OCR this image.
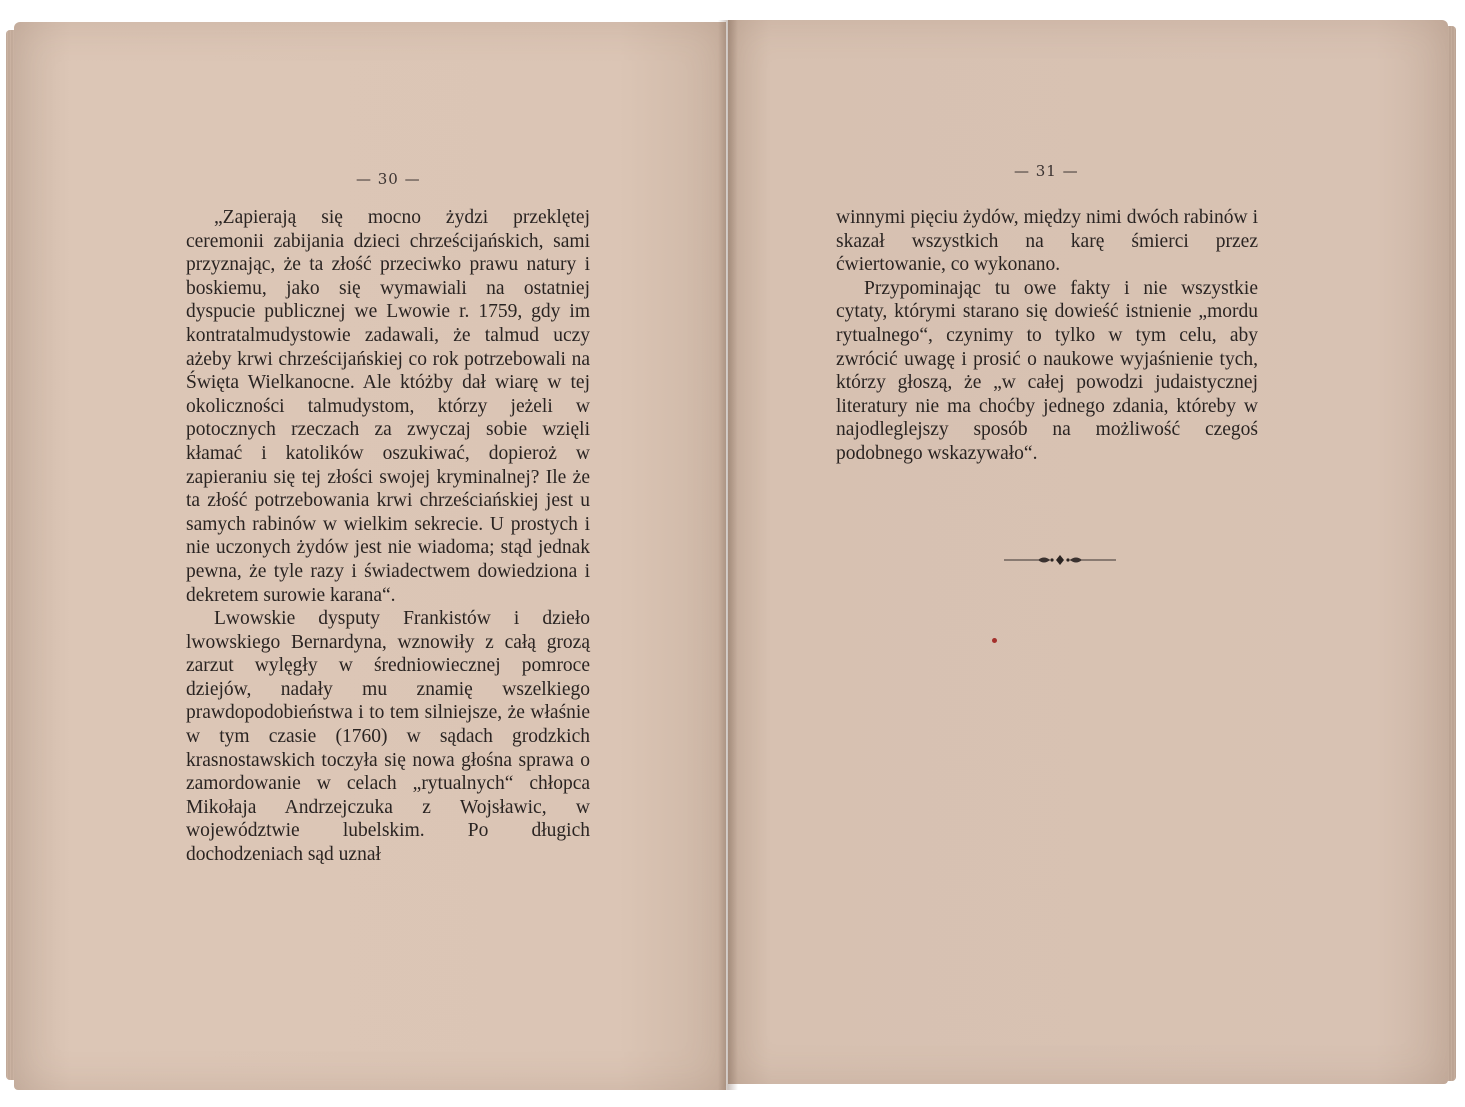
— 30 —

„Zapierają się mocno żydzi przeklętej ceremonii zabijania dzieci chrześcijańskich, sami przyznając, że ta złość przeciwko prawu natury i boskiemu, jako się wymawiali na ostatniej dyspucie publicznej we Lwowie r. 1759, gdy im kontratalmudystowie zadawali, że talmud uczy ażeby krwi chrześcijańskiej co rok potrzebowali na Święta Wielkanocne. Ale któżby dał wiarę w tej okoliczności talmudystom, którzy jeżeli w potocznych rzeczach za zwyczaj sobie wzięli kłamać i katolików oszukiwać, dopieroż w zapieraniu się tej złości swojej kryminalnej? Ile że ta złość potrzebowania krwi chrześciańskiej jest u samych rabinów w wielkim sekrecie. U prostych i nie uczonych żydów jest nie wiadoma; stąd jednak pewna, że tyle razy i świadectwem dowiedziona i dekretem surowie karana“.

Lwowskie dysputy Frankistów i dzieło lwowskiego Bernardyna, wznowiły z całą grozą zarzut wylęgły w średniowiecznej pomroce dziejów, nadały mu znamię wszelkiego prawdopodobieństwa i to tem silniejsze, że właśnie w tym czasie (1760) w sądach grodzkich krasnostawskich toczyła się nowa głośna sprawa o zamordowanie w celach „rytualnych“ chłopca Mikołaja Andrzejczuka z Wojsławic, w województwie lubelskim. Po długich dochodzeniach sąd uznał

— 31 —

winnymi pięciu żydów, między nimi dwóch rabinów i skazał wszystkich na karę śmierci przez ćwiertowanie, co wykonano.

Przypominając tu owe fakty i nie wszystkie cytaty, którymi starano się dowieść istnienie „mordu rytualnego“, czynimy to tylko w tym celu, aby zwrócić uwagę i prosić o naukowe wyjaśnienie tych, którzy głoszą, że „w całej powodzi judaistycznej literatury nie ma choćby jednego zdania, któreby w najodleglejszy sposób na możliwość czegoś podobnego wskazywało“.
